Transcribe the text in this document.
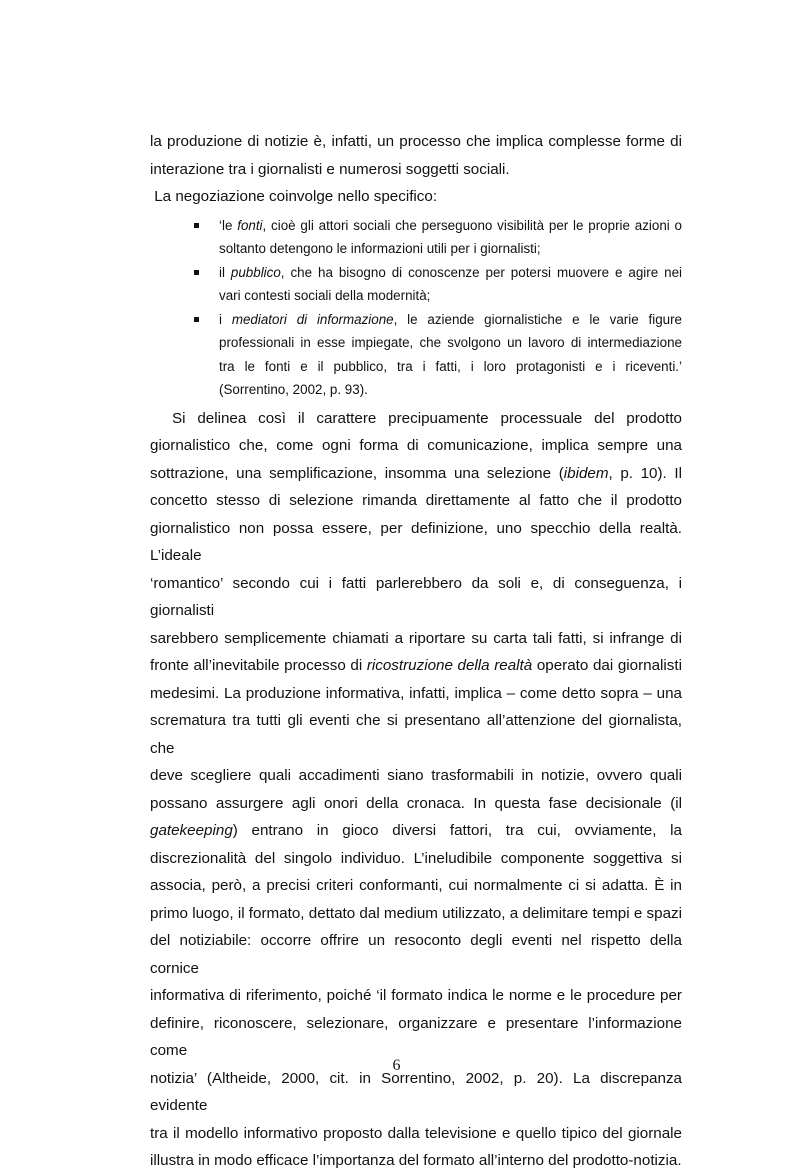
la produzione di notizie è, infatti, un processo che implica complesse forme di
interazione tra i giornalisti e numerosi soggetti sociali.

La negoziazione coinvolge nello specifico:

‘le fonti, cioè gli attori sociali che perseguono visibilità per le proprie azioni o
soltanto detengono le informazioni utili per i giornalisti;
il pubblico, che ha bisogno di conoscenze per potersi muovere e agire nei
vari contesti sociali della modernità;
i mediatori di informazione, le aziende giornalistiche e le varie figure
professionali in esse impiegate, che svolgono un lavoro di intermediazione
tra le fonti e il pubblico, tra i fatti, i loro protagonisti e i riceventi.’
(Sorrentino, 2002, p. 93).

Si delinea così il carattere precipuamente processuale del prodotto
giornalistico che, come ogni forma di comunicazione, implica sempre una
sottrazione, una semplificazione, insomma una selezione (ibidem, p. 10). Il
concetto stesso di selezione rimanda direttamente al fatto che il prodotto
giornalistico non possa essere, per definizione, uno specchio della realtà. L’ideale
‘romantico’ secondo cui i fatti parlerebbero da soli e, di conseguenza, i giornalisti
sarebbero semplicemente chiamati a riportare su carta tali fatti, si infrange di
fronte all’inevitabile processo di ricostruzione della realtà operato dai giornalisti
medesimi. La produzione informativa, infatti, implica – come detto sopra – una
scrematura tra tutti gli eventi che si presentano all’attenzione del giornalista, che
deve scegliere quali accadimenti siano trasformabili in notizie, ovvero quali
possano assurgere agli onori della cronaca. In questa fase decisionale (il
gatekeeping) entrano in gioco diversi fattori, tra cui, ovviamente, la
discrezionalità del singolo individuo. L’ineludibile componente soggettiva si
associa, però, a precisi criteri conformanti, cui normalmente ci si adatta. È in
primo luogo, il formato, dettato dal medium utilizzato, a delimitare tempi e spazi
del notiziabile: occorre offrire un resoconto degli eventi nel rispetto della cornice
informativa di riferimento, poiché ‘il formato indica le norme e le procedure per
definire, riconoscere, selezionare, organizzare e presentare l’informazione come
notizia’ (Altheide, 2000, cit. in Sorrentino, 2002, p. 20). La discrepanza evidente
tra il modello informativo proposto dalla televisione e quello tipico del giornale
illustra in modo efficace l’importanza del formato all’interno del prodotto-notizia.

6
